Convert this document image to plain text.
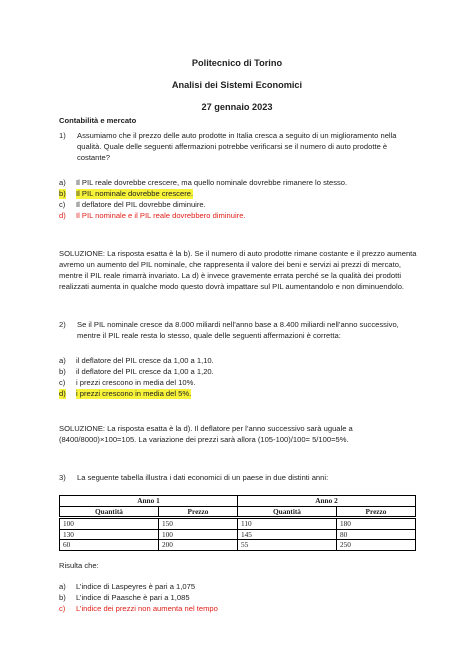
Politecnico di Torino
Analisi dei Sistemi Economici
27 gennaio 2023
Contabilità e mercato
1) Assumiamo che il prezzo delle auto prodotte in Italia cresca a seguito di un miglioramento nella
qualità. Quale delle seguenti affermazioni potrebbe verificarsi se il numero di auto prodotte è
costante?
a) Il PIL reale dovrebbe crescere, ma quello nominale dovrebbe rimanere lo stesso.
b) Il PIL nominale dovrebbe crescere.
c) Il deflatore del PIL dovrebbe diminuire.
d) Il PIL nominale e il PIL reale dovrebbero diminuire.
SOLUZIONE: La risposta esatta è la b). Se il numero di auto prodotte rimane costante e il prezzo aumenta
avremo un aumento del PIL nominale, che rappresenta il valore dei beni e servizi ai prezzi di mercato,
mentre il PIL reale rimarrà invariato. La d) è invece gravemente errata perché se la qualità dei prodotti
realizzati aumenta in qualche modo questo dovrà impattare sul PIL aumentandolo e non diminuendolo.
2) Se il PIL nominale cresce da 8.000 miliardi nell’anno base a 8.400 miliardi nell’anno successivo,
mentre il PIL reale resta lo stesso, quale delle seguenti affermazioni è corretta:
a) il deflatore del PIL cresce da 1,00 a 1,10.
b) il deflatore del PIL cresce da 1,00 a 1,20.
c) i prezzi crescono in media del 10%.
d) i prezzi crescono in media del 5%.
SOLUZIONE: La risposta esatta è la d). Il deflatore per l’anno successivo sarà uguale a
(8400/8000)×100=105. La variazione dei prezzi sarà allora (105-100)/100= 5/100=5%.
3) La seguente tabella illustra i dati economici di un paese in due distinti anni:
Anno 1		Anno 2	
Quantità	Prezzo	Quantità	Prezzo
100	150	110	180
130	100	145	80
60	200	55	250
Risulta che:
a) L’indice di Laspeyres è pari a 1,075
b) L’indice di Paasche è pari a 1,085
c) L’indice dei prezzi non aumenta nel tempo
